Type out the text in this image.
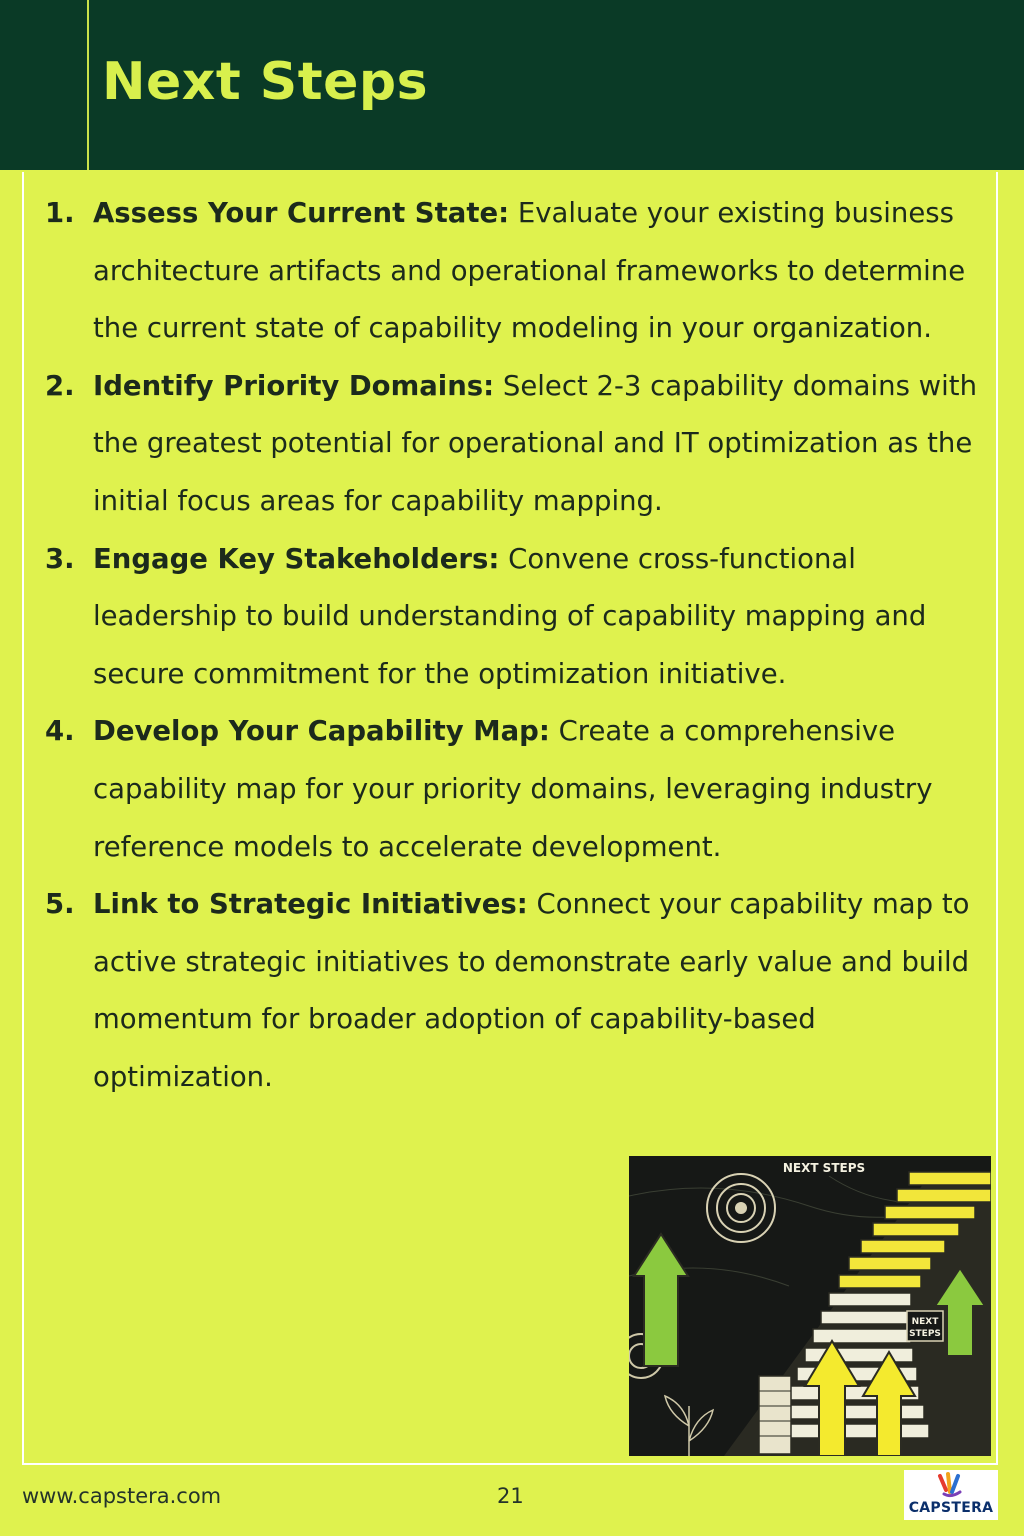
Next Steps
1. Assess Your Current State: Evaluate your existing business architecture artifacts and operational frameworks to determine the current state of capability modeling in your organization.
2. Identify Priority Domains: Select 2-3 capability domains with the greatest potential for operational and IT optimization as the initial focus areas for capability mapping.
3. Engage Key Stakeholders: Convene cross-functional leadership to build understanding of capability mapping and secure commitment for the optimization initiative.
4. Develop Your Capability Map: Create a comprehensive capability map for your priority domains, leveraging industry reference models to accelerate development.
5. Link to Strategic Initiatives: Connect your capability map to active strategic initiatives to demonstrate early value and build momentum for broader adoption of capability-based optimization.
NEXT STEPS
NEXT
STEPS
www.capstera.com	21	CAPSTERA
